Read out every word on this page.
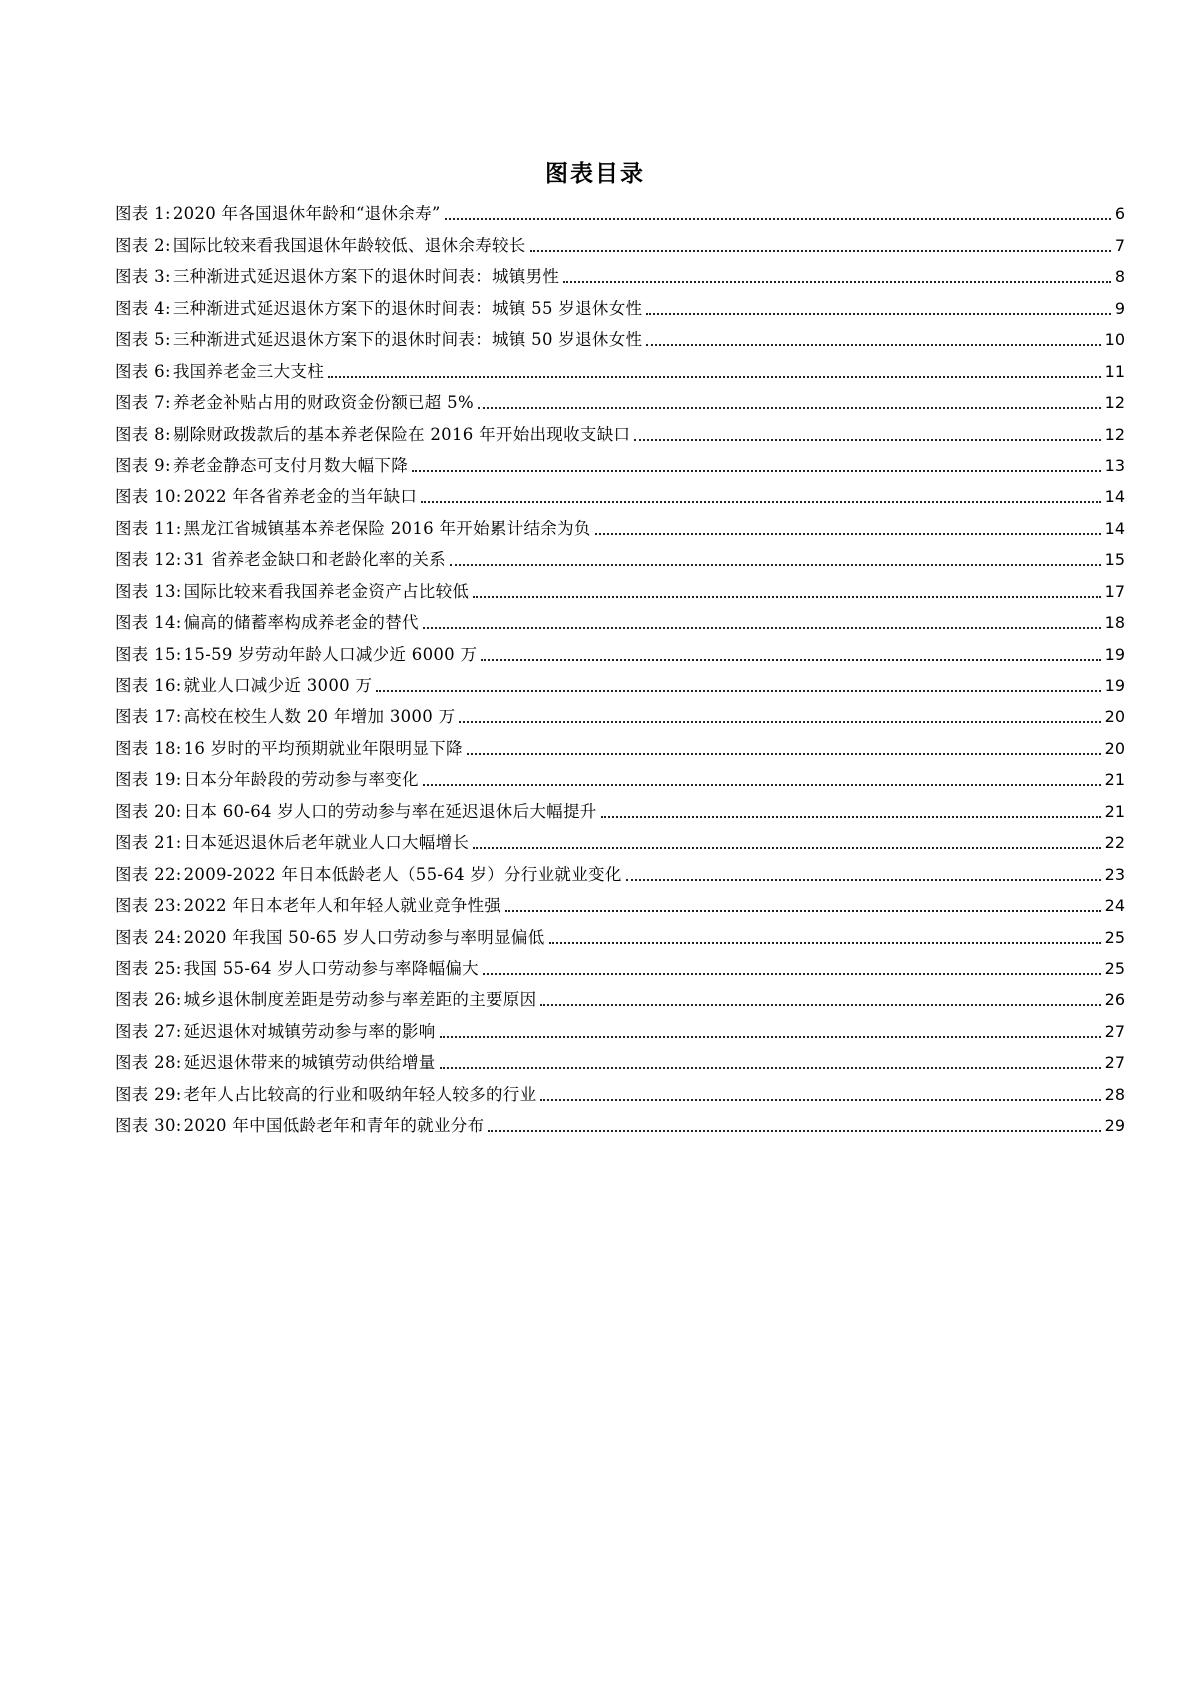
图表目录
图表 1: 2020 年各国退休年龄和“退休余寿”	6
图表 2: 国际比较来看我国退休年龄较低、退休余寿较长	7
图表 3: 三种渐进式延迟退休方案下的退休时间表：城镇男性	8
图表 4: 三种渐进式延迟退休方案下的退休时间表：城镇 55 岁退休女性	9
图表 5: 三种渐进式延迟退休方案下的退休时间表：城镇 50 岁退休女性	10
图表 6: 我国养老金三大支柱	11
图表 7: 养老金补贴占用的财政资金份额已超 5%	12
图表 8: 剔除财政拨款后的基本养老保险在 2016 年开始出现收支缺口	12
图表 9: 养老金静态可支付月数大幅下降	13
图表 10: 2022 年各省养老金的当年缺口	14
图表 11: 黑龙江省城镇基本养老保险 2016 年开始累计结余为负	14
图表 12: 31 省养老金缺口和老龄化率的关系	15
图表 13: 国际比较来看我国养老金资产占比较低	17
图表 14: 偏高的储蓄率构成养老金的替代	18
图表 15: 15-59 岁劳动年龄人口减少近 6000 万	19
图表 16: 就业人口减少近 3000 万	19
图表 17: 高校在校生人数 20 年增加 3000 万	20
图表 18: 16 岁时的平均预期就业年限明显下降	20
图表 19: 日本分年龄段的劳动参与率变化	21
图表 20: 日本 60-64 岁人口的劳动参与率在延迟退休后大幅提升	21
图表 21: 日本延迟退休后老年就业人口大幅增长	22
图表 22: 2009-2022 年日本低龄老人（55-64 岁）分行业就业变化	23
图表 23: 2022 年日本老年人和年轻人就业竞争性强	24
图表 24: 2020 年我国 50-65 岁人口劳动参与率明显偏低	25
图表 25: 我国 55-64 岁人口劳动参与率降幅偏大	25
图表 26: 城乡退休制度差距是劳动参与率差距的主要原因	26
图表 27: 延迟退休对城镇劳动参与率的影响	27
图表 28: 延迟退休带来的城镇劳动供给增量	27
图表 29: 老年人占比较高的行业和吸纳年轻人较多的行业	28
图表 30: 2020 年中国低龄老年和青年的就业分布	29
